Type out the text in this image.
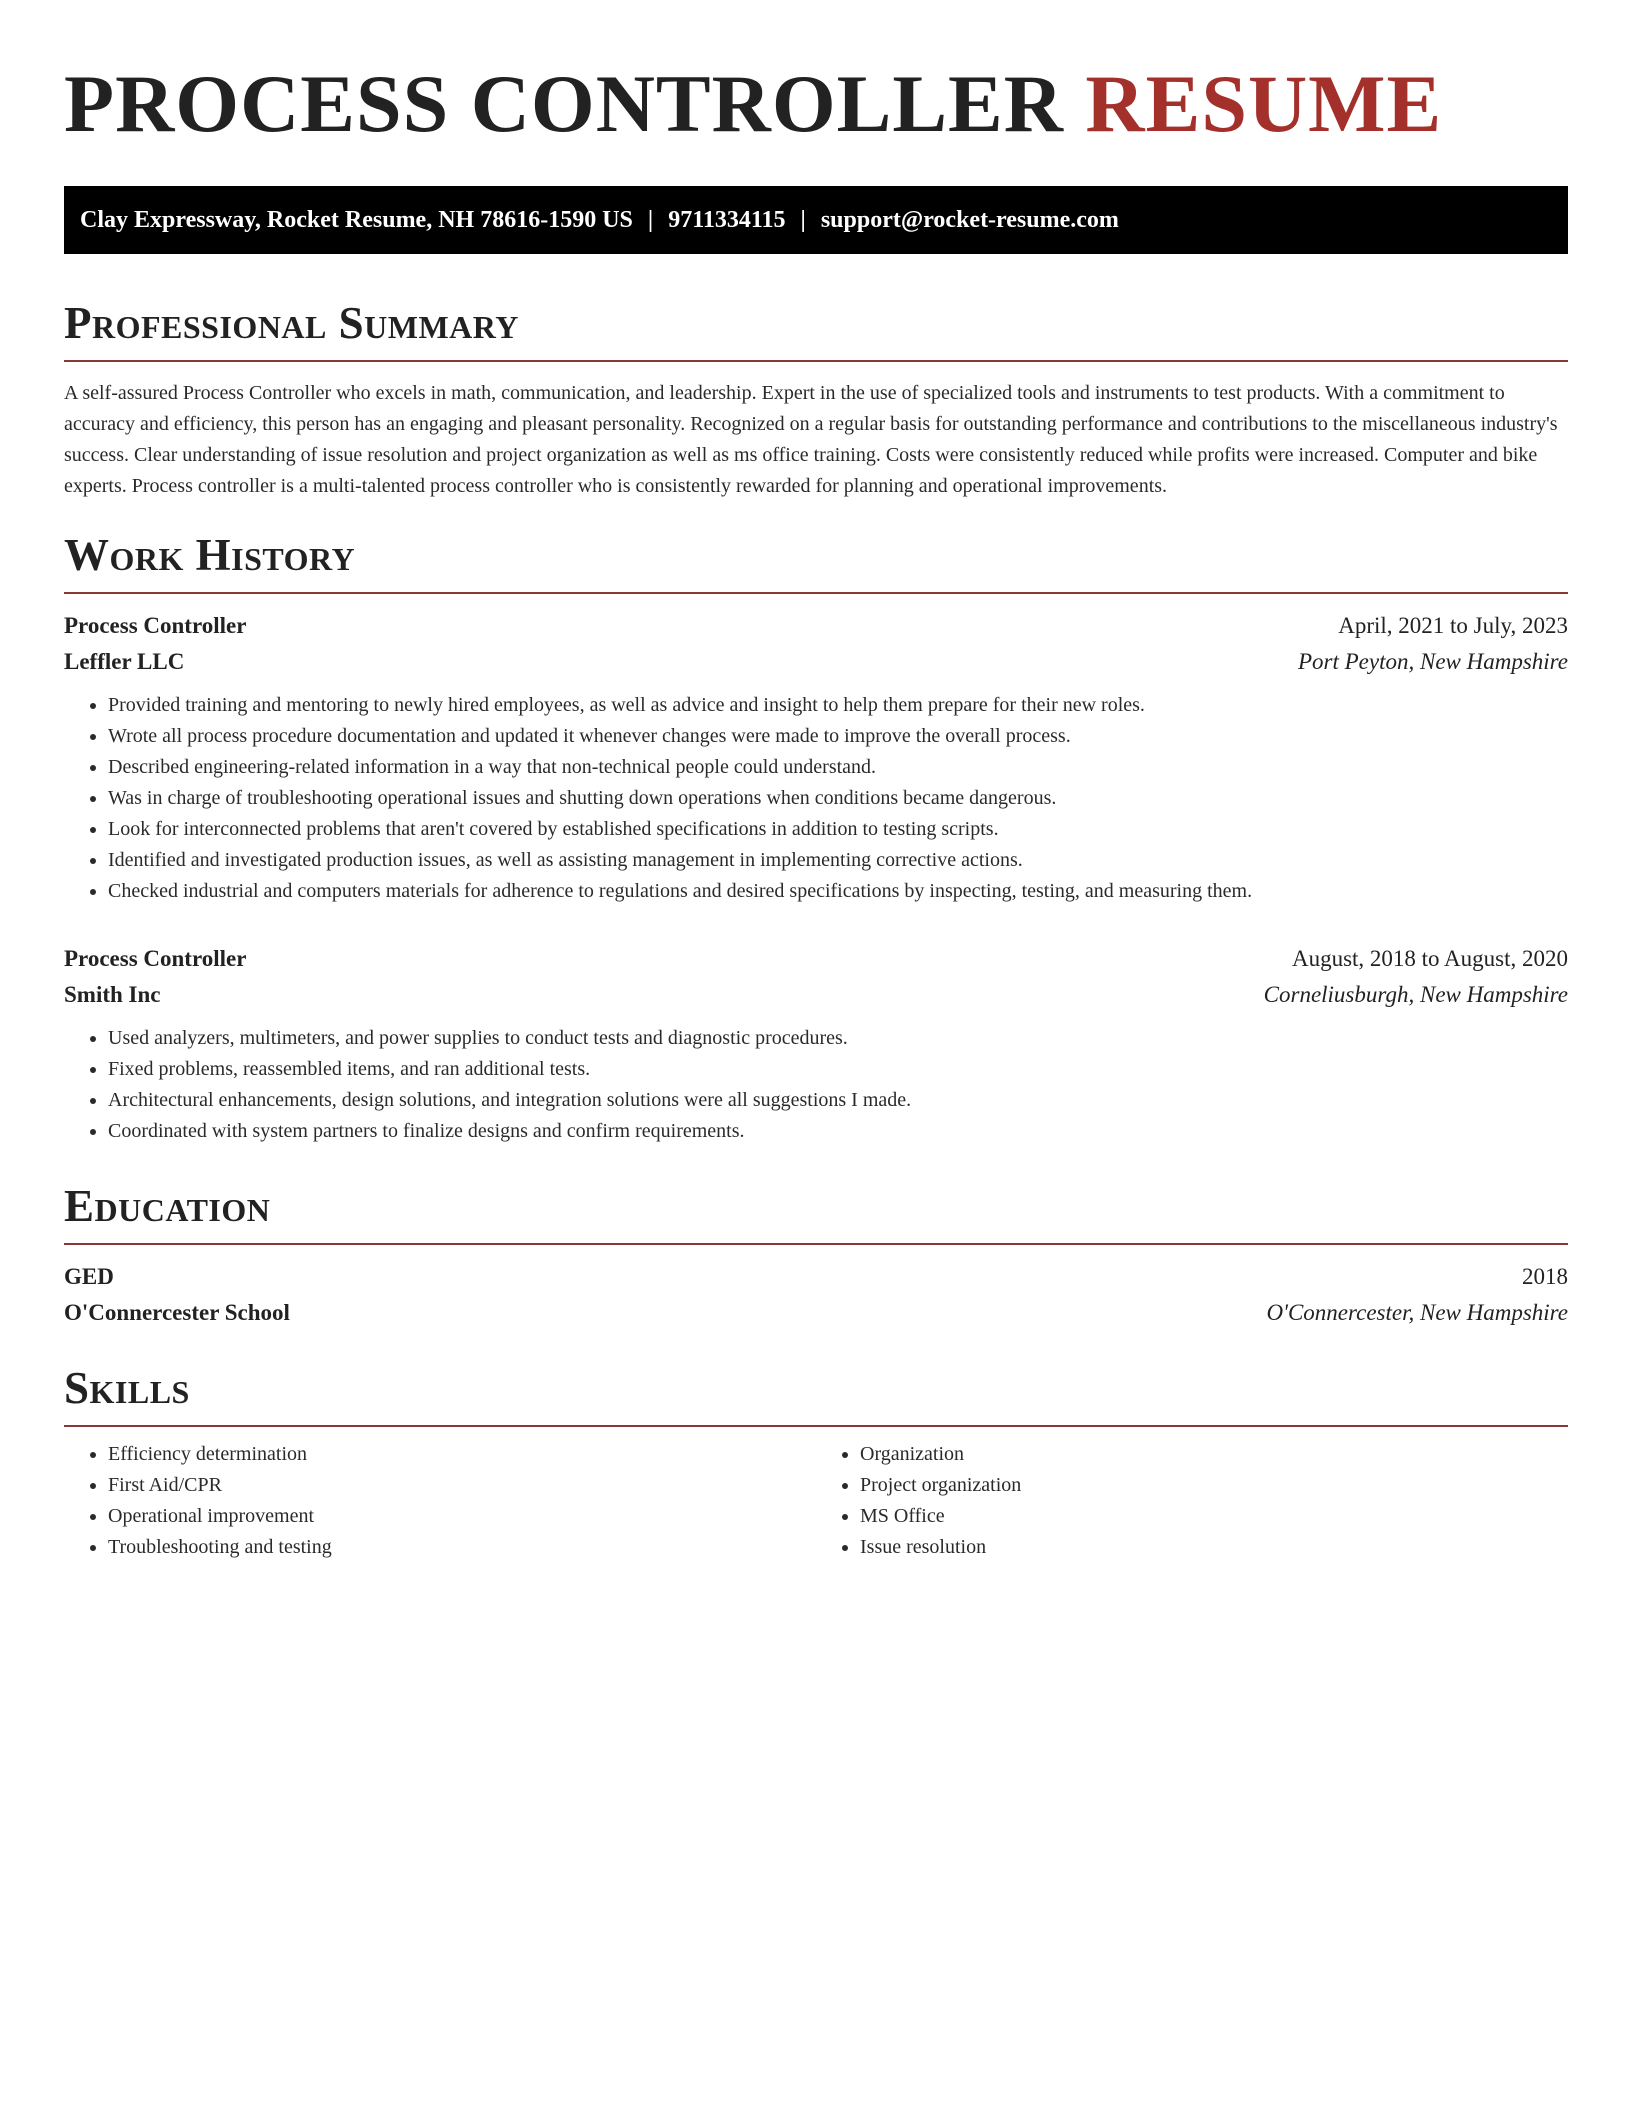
PROCESS CONTROLLER RESUME
Clay Expressway, Rocket Resume, NH 78616-1590 US | 9711334115 | support@rocket-resume.com
Professional Summary

A self-assured Process Controller who excels in math, communication, and leadership. Expert in the use of specialized tools and instruments to test products. With a commitment to accuracy and efficiency, this person has an engaging and pleasant personality. Recognized on a regular basis for outstanding performance and contributions to the miscellaneous industry's success. Clear understanding of issue resolution and project organization as well as ms office training. Costs were consistently reduced while profits were increased. Computer and bike experts. Process controller is a multi-talented process controller who is consistently rewarded for planning and operational improvements.

Work History
Process Controller	April, 2021 to July, 2023
Leffler LLC	Port Peyton, New Hampshire
• Provided training and mentoring to newly hired employees, as well as advice and insight to help them prepare for their new roles.
• Wrote all process procedure documentation and updated it whenever changes were made to improve the overall process.
• Described engineering-related information in a way that non-technical people could understand.
• Was in charge of troubleshooting operational issues and shutting down operations when conditions became dangerous.
• Look for interconnected problems that aren't covered by established specifications in addition to testing scripts.
• Identified and investigated production issues, as well as assisting management in implementing corrective actions.
• Checked industrial and computers materials for adherence to regulations and desired specifications by inspecting, testing, and measuring them.
Process Controller	August, 2018 to August, 2020
Smith Inc	Corneliusburgh, New Hampshire
• Used analyzers, multimeters, and power supplies to conduct tests and diagnostic procedures.
• Fixed problems, reassembled items, and ran additional tests.
• Architectural enhancements, design solutions, and integration solutions were all suggestions I made.
• Coordinated with system partners to finalize designs and confirm requirements.
Education
GED	2018
O'Connercester School	O'Connercester, New Hampshire
Skills
• Efficiency determination
• First Aid/CPR
• Operational improvement
• Troubleshooting and testing
• Organization
• Project organization
• MS Office
• Issue resolution
